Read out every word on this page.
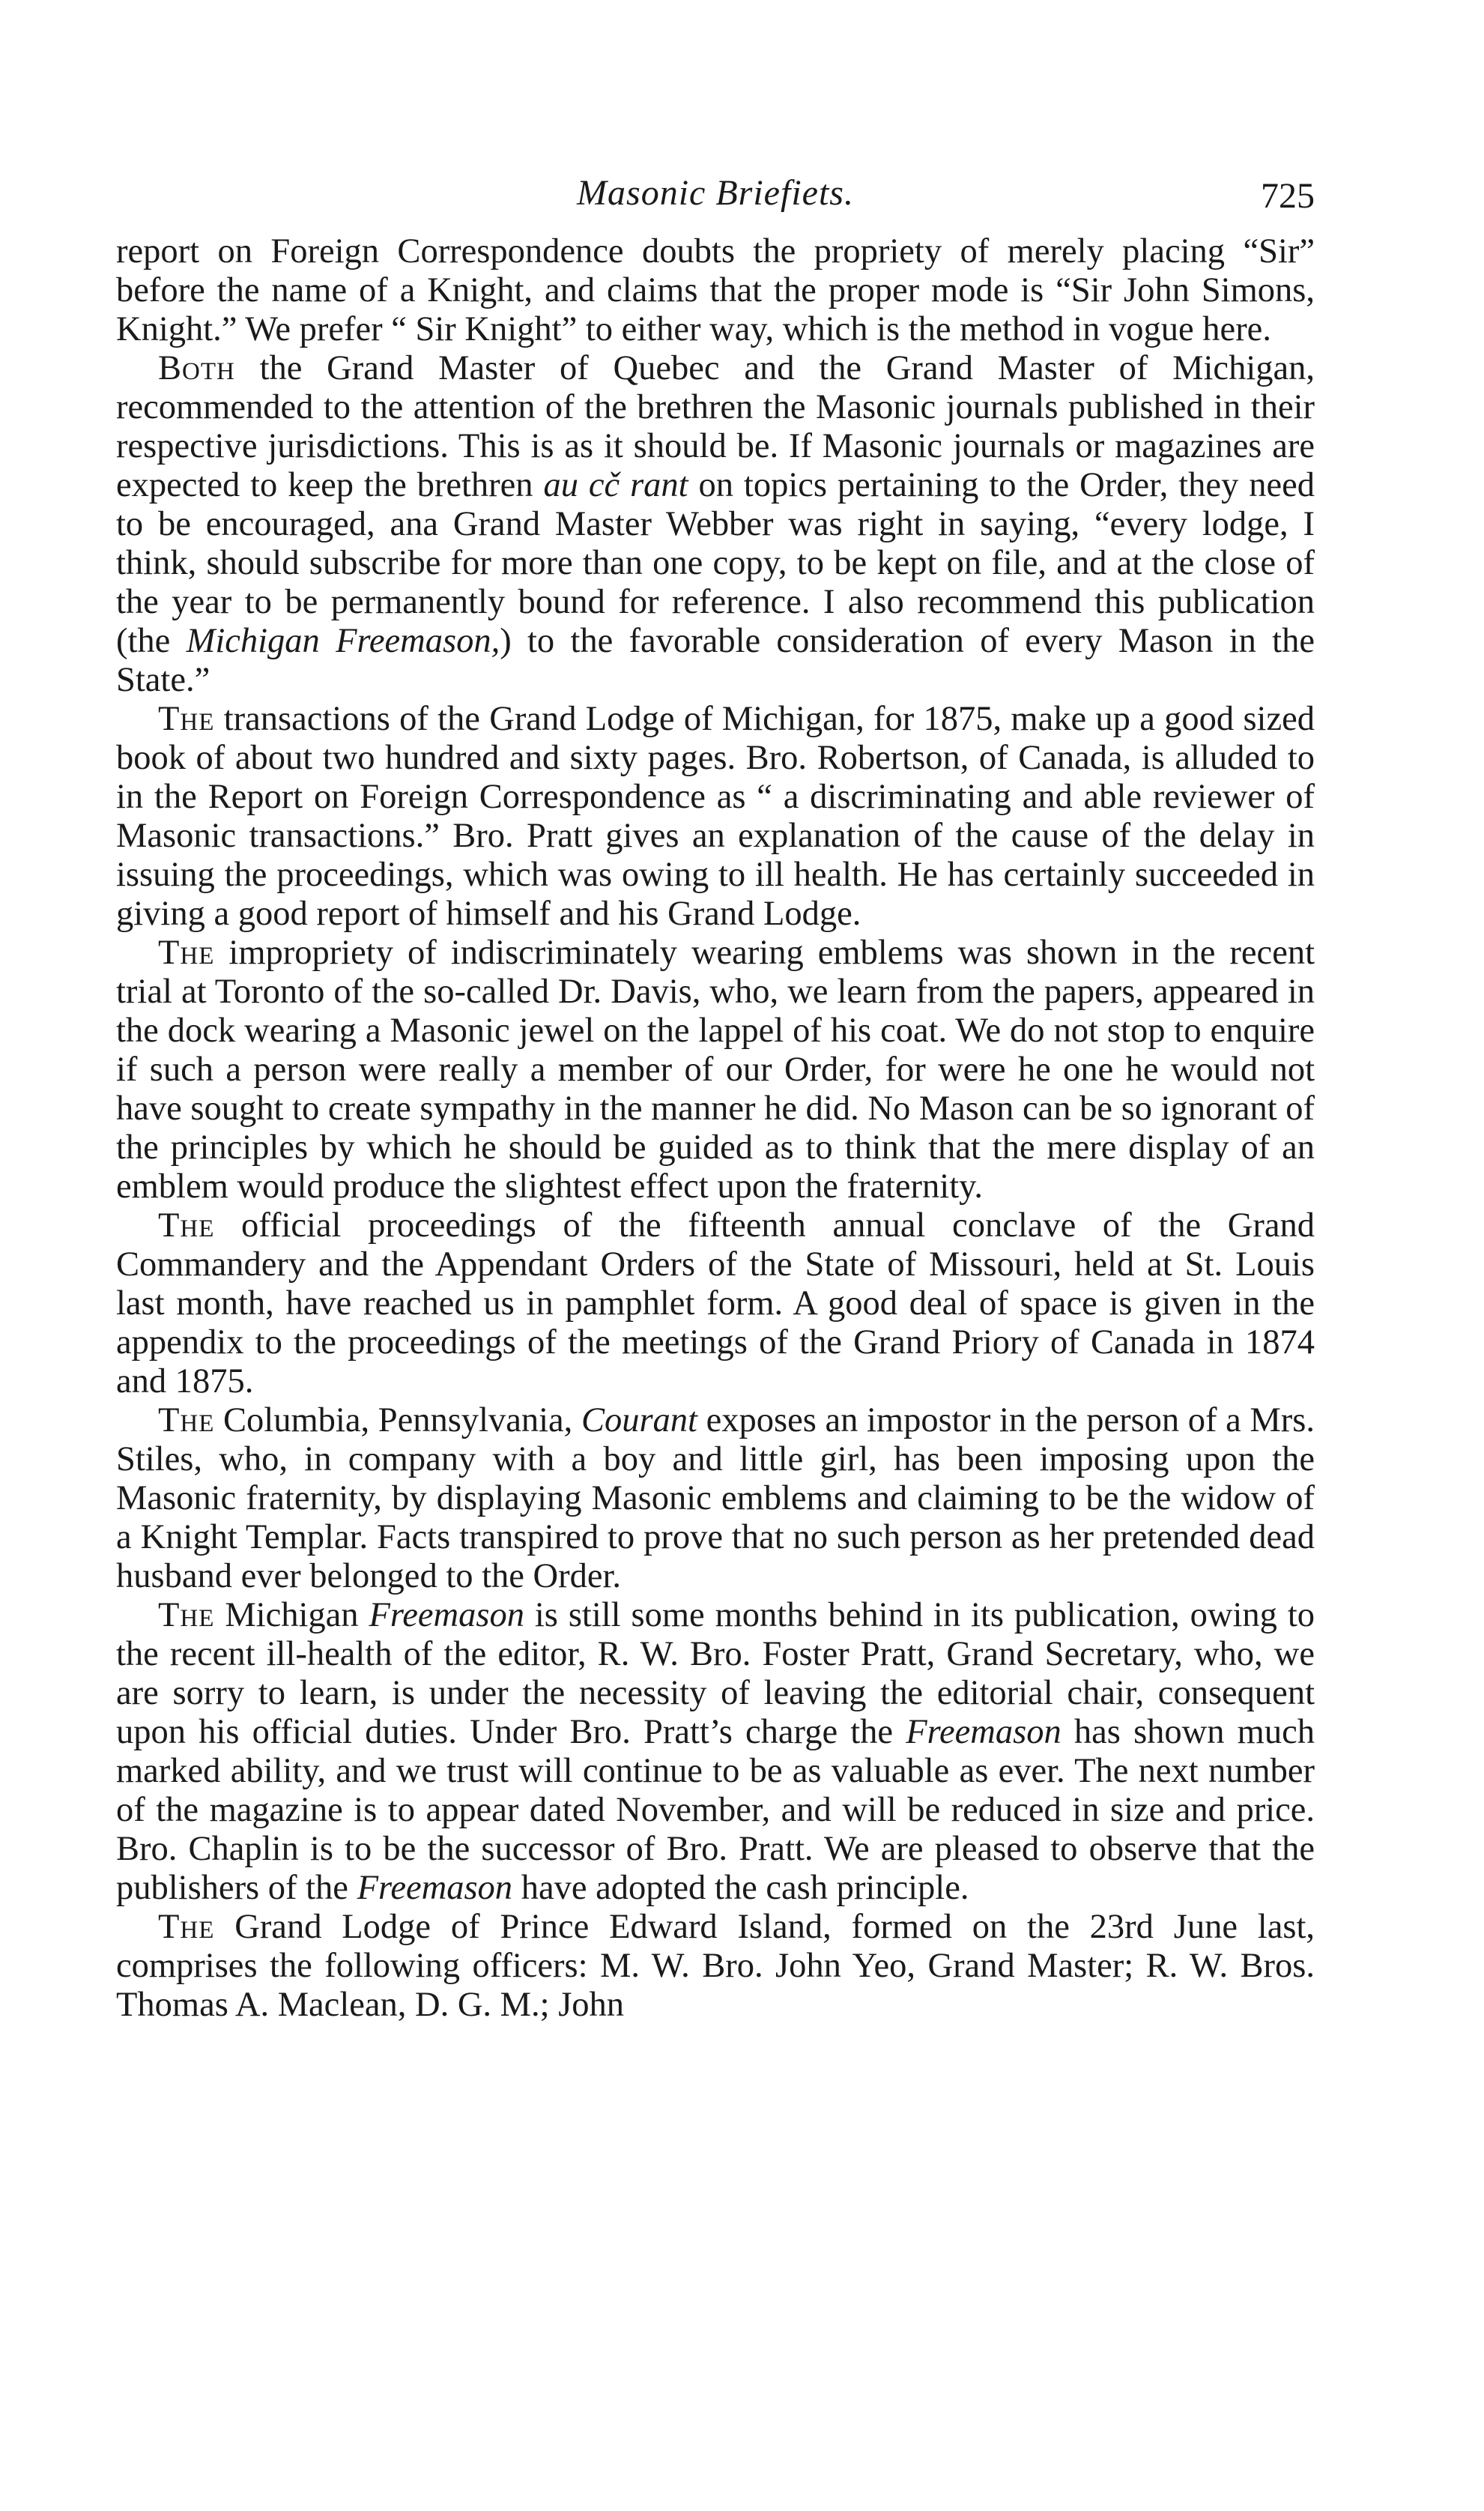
Masonic Briefiets.	725

report on Foreign Correspondence doubts the propriety of merely placing “Sir” before the name of a Knight, and claims that the proper mode is “Sir John Simons, Knight.” We prefer “ Sir Knight” to either way, which is the method in vogue here.

Both the Grand Master of Quebec and the Grand Master of Michigan, recommended to the attention of the brethren the Masonic journals published in their respective jurisdictions. This is as it should be. If Masonic journals or magazines are expected to keep the brethren au cč rant on topics pertaining to the Order, they need to be encouraged, ana Grand Master Webber was right in saying, “every lodge, I think, should subscribe for more than one copy, to be kept on file, and at the close of the year to be permanently bound for reference. I also recommend this publication (the Michigan Freemason,) to the favorable consideration of every Mason in the State.”

The transactions of the Grand Lodge of Michigan, for 1875, make up a good sized book of about two hundred and sixty pages. Bro. Robertson, of Canada, is alluded to in the Report on Foreign Correspondence as “ a discriminating and able reviewer of Masonic transactions.” Bro. Pratt gives an explanation of the cause of the delay in issuing the proceedings, which was owing to ill health. He has certainly succeeded in giving a good report of himself and his Grand Lodge.

The impropriety of indiscriminately wearing emblems was shown in the recent trial at Toronto of the so-called Dr. Davis, who, we learn from the papers, appeared in the dock wearing a Masonic jewel on the lappel of his coat. We do not stop to enquire if such a person were really a member of our Order, for were he one he would not have sought to create sympathy in the manner he did. No Mason can be so ignorant of the principles by which he should be guided as to think that the mere display of an emblem would produce the slightest effect upon the fraternity.

The official proceedings of the fifteenth annual conclave of the Grand Commandery and the Appendant Orders of the State of Missouri, held at St. Louis last month, have reached us in pamphlet form. A good deal of space is given in the appendix to the proceedings of the meetings of the Grand Priory of Canada in 1874 and 1875.

The Columbia, Pennsylvania, Courant exposes an impostor in the person of a Mrs. Stiles, who, in company with a boy and little girl, has been imposing upon the Masonic fraternity, by displaying Masonic emblems and claiming to be the widow of a Knight Templar. Facts transpired to prove that no such person as her pretended dead husband ever belonged to the Order.

The Michigan Freemason is still some months behind in its publication, owing to the recent ill-health of the editor, R. W. Bro. Foster Pratt, Grand Secretary, who, we are sorry to learn, is under the necessity of leaving the editorial chair, consequent upon his official duties. Under Bro. Pratt’s charge the Freemason has shown much marked ability, and we trust will continue to be as valuable as ever. The next number of the magazine is to appear dated November, and will be reduced in size and price. Bro. Chaplin is to be the successor of Bro. Pratt. We are pleased to observe that the publishers of the Freemason have adopted the cash principle.

The Grand Lodge of Prince Edward Island, formed on the 23rd June last, comprises the following officers: M. W. Bro. John Yeo, Grand Master; R. W. Bros. Thomas A. Maclean, D. G. M.; John
